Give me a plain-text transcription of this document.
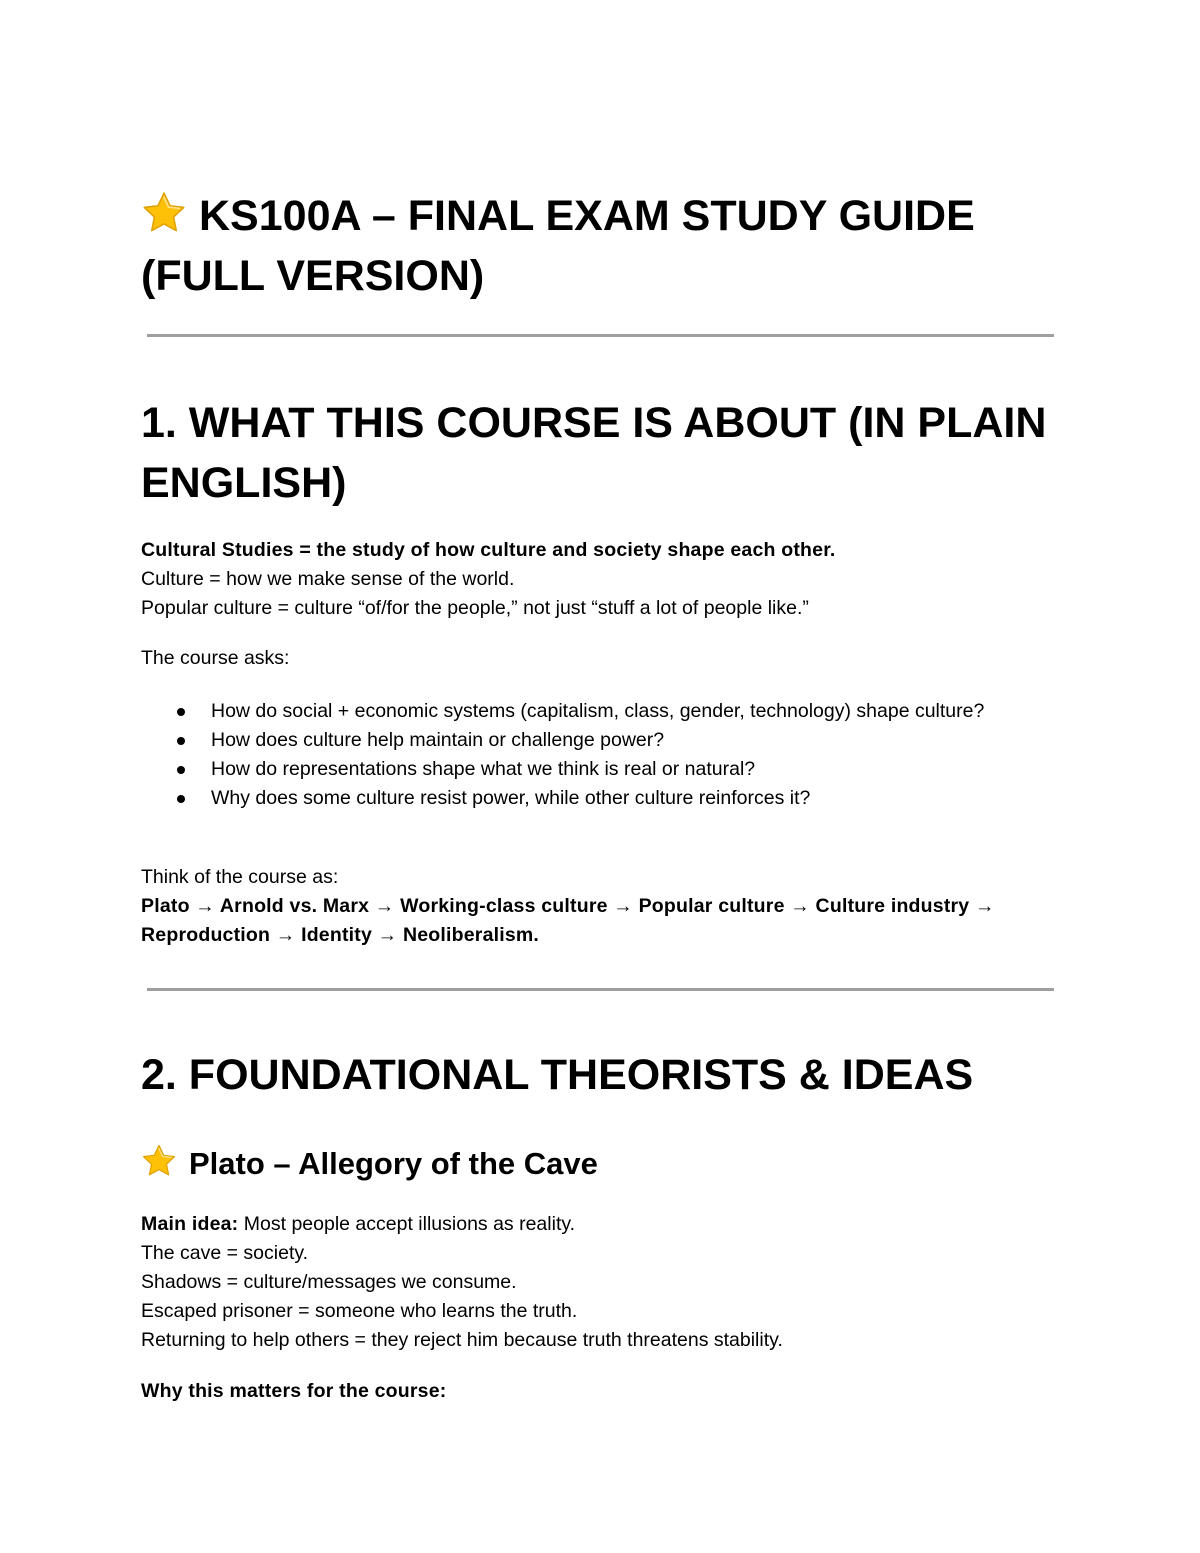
KS100A – FINAL EXAM STUDY GUIDE (FULL VERSION)
1. WHAT THIS COURSE IS ABOUT (IN PLAIN ENGLISH)

Cultural Studies = the study of how culture and society shape each other.

Culture = how we make sense of the world.

Popular culture = culture “of/for the people,” not just “stuff a lot of people like.”

The course asks:

How do social + economic systems (capitalism, class, gender, technology) shape culture?
How does culture help maintain or challenge power?
How do representations shape what we think is real or natural?
Why does some culture resist power, while other culture reinforces it?

Think of the course as:

Plato → Arnold vs. Marx → Working-class culture → Popular culture → Culture industry → Reproduction → Identity → Neoliberalism.

2. FOUNDATIONAL THEORISTS & IDEAS
Plato – Allegory of the Cave

Main idea: Most people accept illusions as reality.

The cave = society.

Shadows = culture/messages we consume.

Escaped prisoner = someone who learns the truth.

Returning to help others = they reject him because truth threatens stability.

Why this matters for the course:
